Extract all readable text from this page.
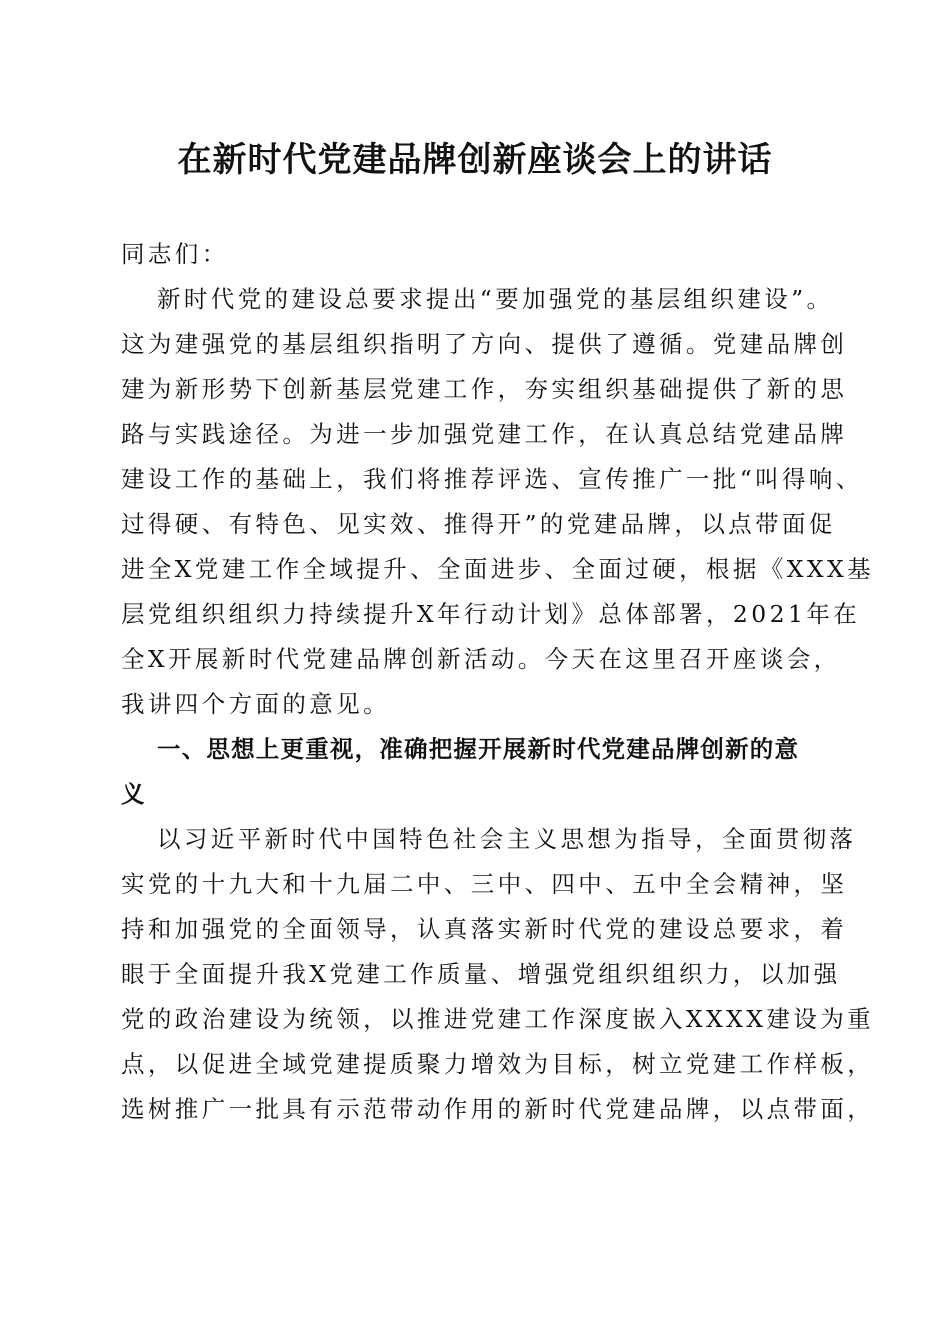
在新时代党建品牌创新座谈会上的讲话
同志们：
新时代党的建设总要求提出“要加强党的基层组织建设”。
这为建强党的基层组织指明了方向、提供了遵循。党建品牌创
建为新形势下创新基层党建工作，夯实组织基础提供了新的思
路与实践途径。为进一步加强党建工作，在认真总结党建品牌
建设工作的基础上，我们将推荐评选、宣传推广一批“叫得响、
过得硬、有特色、见实效、推得开”的党建品牌，以点带面促
进全X党建工作全域提升、全面进步、全面过硬，根据《XXX基
层党组织组织力持续提升X年行动计划》总体部署，2021年在
全X开展新时代党建品牌创新活动。今天在这里召开座谈会，
我讲四个方面的意见。
一、思想上更重视，准确把握开展新时代党建品牌创新的意
义
以习近平新时代中国特色社会主义思想为指导，全面贯彻落
实党的十九大和十九届二中、三中、四中、五中全会精神，坚
持和加强党的全面领导，认真落实新时代党的建设总要求，着
眼于全面提升我X党建工作质量、增强党组织组织力，以加强
党的政治建设为统领，以推进党建工作深度嵌入XXXX建设为重
点，以促进全域党建提质聚力增效为目标，树立党建工作样板，
选树推广一批具有示范带动作用的新时代党建品牌，以点带面，
